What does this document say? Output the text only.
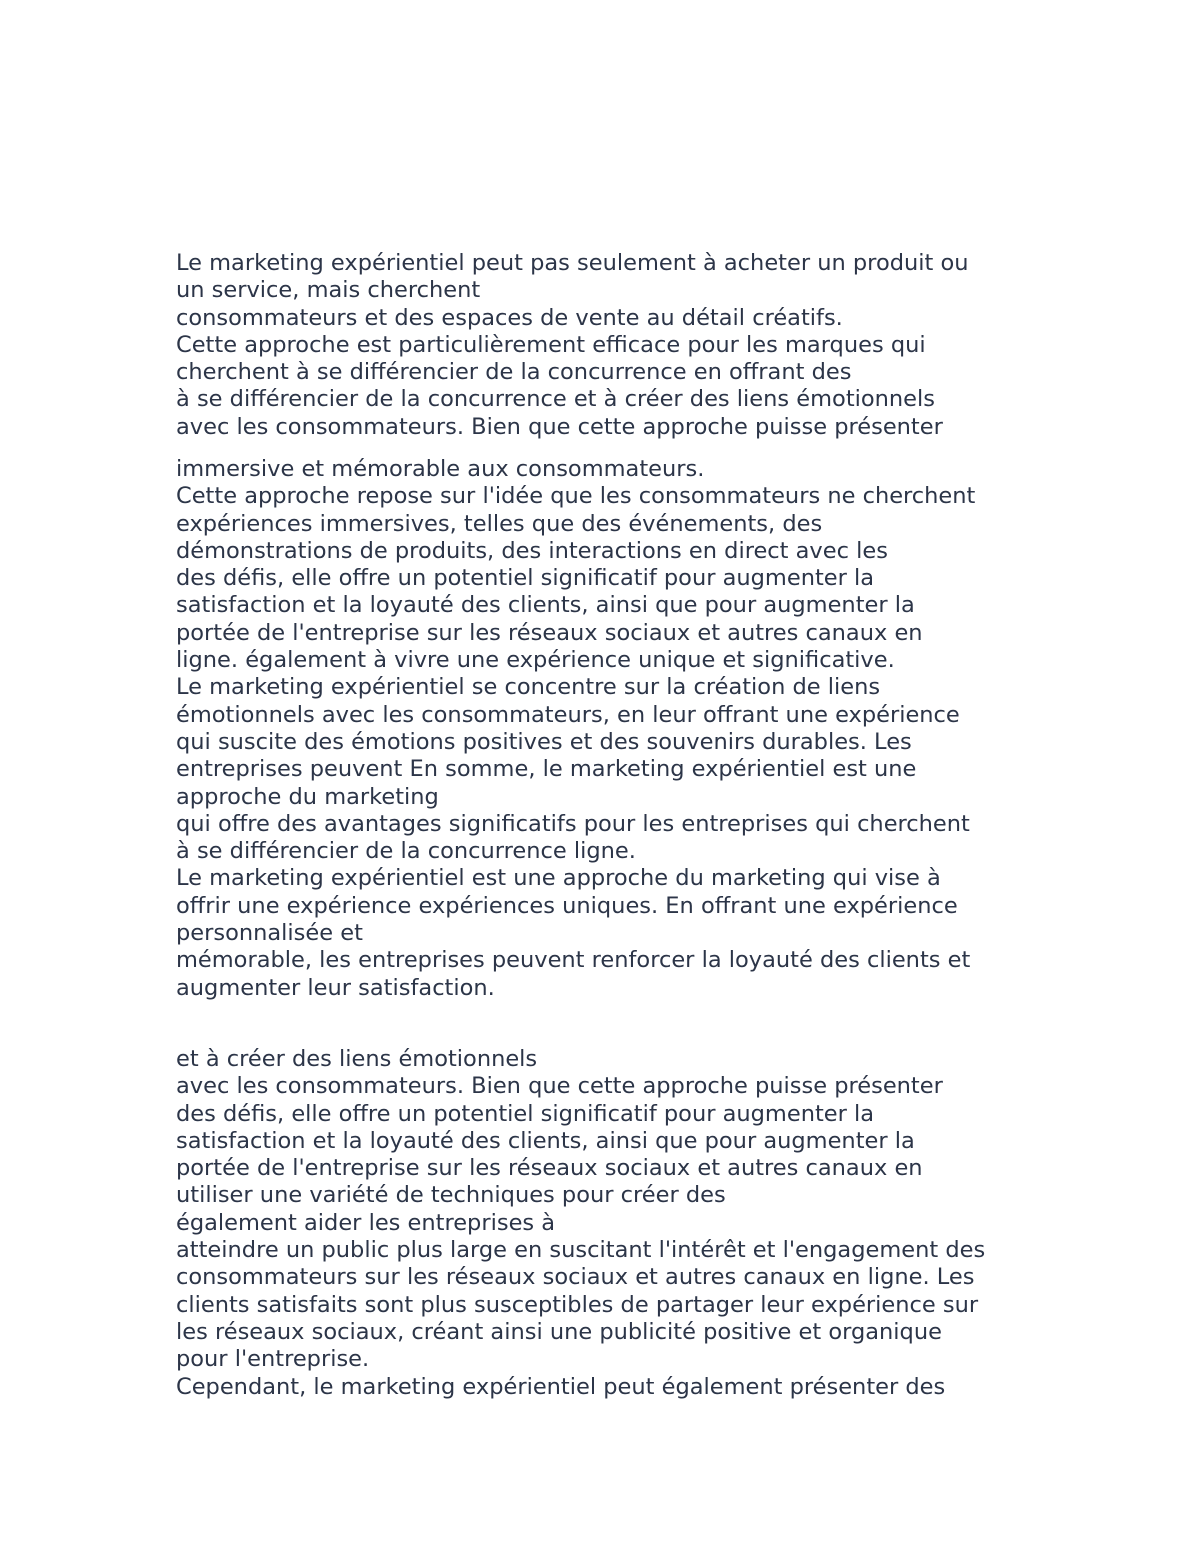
Le marketing expérientiel peut pas seulement à acheter un produit ou
un service, mais cherchent
consommateurs et des espaces de vente au détail créatifs.
Cette approche est particulièrement efficace pour les marques qui
cherchent à se différencier de la concurrence en offrant des
à se différencier de la concurrence et à créer des liens émotionnels
avec les consommateurs. Bien que cette approche puisse présenter
immersive et mémorable aux consommateurs.
Cette approche repose sur l'idée que les consommateurs ne cherchent
expériences immersives, telles que des événements, des
démonstrations de produits, des interactions en direct avec les
des défis, elle offre un potentiel significatif pour augmenter la
satisfaction et la loyauté des clients, ainsi que pour augmenter la
portée de l'entreprise sur les réseaux sociaux et autres canaux en
ligne. également à vivre une expérience unique et significative.
Le marketing expérientiel se concentre sur la création de liens
émotionnels avec les consommateurs, en leur offrant une expérience
qui suscite des émotions positives et des souvenirs durables. Les
entreprises peuvent En somme, le marketing expérientiel est une
approche du marketing
qui offre des avantages significatifs pour les entreprises qui cherchent
à se différencier de la concurrence ligne.
Le marketing expérientiel est une approche du marketing qui vise à
offrir une expérience expériences uniques. En offrant une expérience
personnalisée et
mémorable, les entreprises peuvent renforcer la loyauté des clients et
augmenter leur satisfaction.
et à créer des liens émotionnels
avec les consommateurs. Bien que cette approche puisse présenter
des défis, elle offre un potentiel significatif pour augmenter la
satisfaction et la loyauté des clients, ainsi que pour augmenter la
portée de l'entreprise sur les réseaux sociaux et autres canaux en
utiliser une variété de techniques pour créer des
également aider les entreprises à
atteindre un public plus large en suscitant l'intérêt et l'engagement des
consommateurs sur les réseaux sociaux et autres canaux en ligne. Les
clients satisfaits sont plus susceptibles de partager leur expérience sur
les réseaux sociaux, créant ainsi une publicité positive et organique
pour l'entreprise.
Cependant, le marketing expérientiel peut également présenter des
